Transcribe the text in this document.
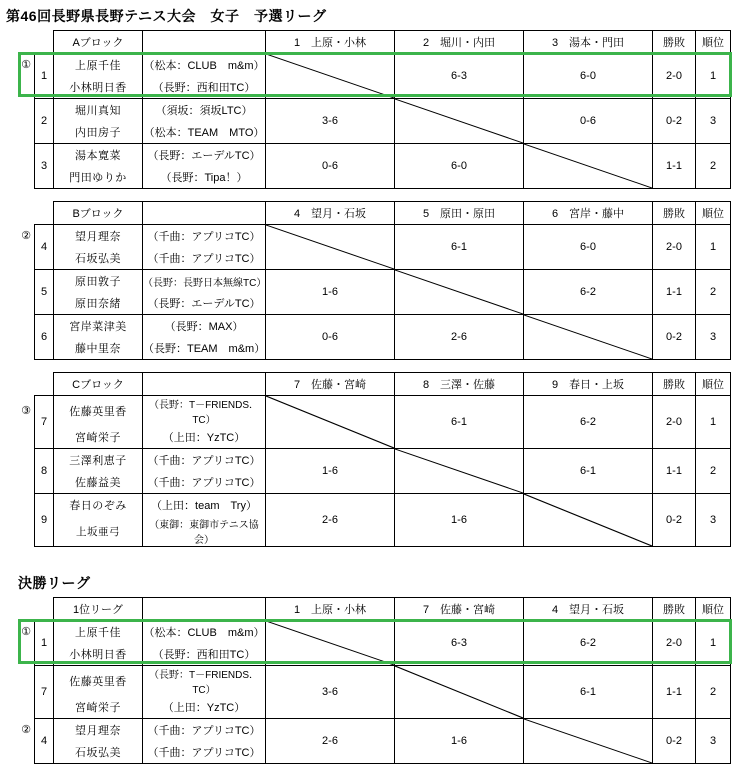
第46回長野県長野テニス大会　女子　予選リーグ
		Aブロック		1　上原・小林	2　堀川・内田	3　湯本・門田	勝敗	順位
①	1	上原千佳	（松本：CLUB　m&m）		6-3	6-0	2-0	1
		小林明日香	（長野：西和田TC）					
	2	堀川真知	（須坂：須坂LTC）	3-6		0-6	0-2	3
		内田房子	（松本：TEAM　MTO）					
	3	湯本寛菜	（長野：エーデルTC）	0-6	6-0		1-1	2
		門田ゆりか	（長野：Tipa！）					
		Bブロック		4　望月・石坂	5　原田・原田	6　宮岸・藤中	勝敗	順位
②	4	望月理奈	（千曲：アプリコTC）		6-1	6-0	2-0	1
		石坂弘美	（千曲：アプリコTC）					
	5	原田敦子	（長野：長野日本無線TC）	1-6		6-2	1-1	2
		原田奈緒	（長野：エーデルTC）					
	6	宮岸菜津美	（長野：MAX）	0-6	2-6		0-2	3
		藤中里奈	（長野：TEAM　m&m）					
		Cブロック		7　佐藤・宮崎	8　三澤・佐藤	9　春日・上坂	勝敗	順位
③	7	佐藤英里香	（長野：T－FRIENDS．TC）		6-1	6-2	2-0	1
		宮崎栄子	（上田：YzTC）					
	8	三澤利恵子	（千曲：アプリコTC）	1-6		6-1	1-1	2
		佐藤益美	（千曲：アプリコTC）					
	9	春日のぞみ	（上田：team　Try）	2-6	1-6		0-2	3
		上坂亜弓	（東御：東御市テニス協会）					
決勝リーグ
		1位リーグ		1　上原・小林	7　佐藤・宮崎	4　望月・石坂	勝敗	順位
①	1	上原千佳	（松本：CLUB　m&m）		6-3	6-2	2-0	1
		小林明日香	（長野：西和田TC）					
	7	佐藤英里香	（長野：T－FRIENDS．TC）	3-6		6-1	1-1	2
		宮崎栄子	（上田：YzTC）					
②	4	望月理奈	（千曲：アプリコTC）	2-6	1-6		0-2	3
		石坂弘美	（千曲：アプリコTC）					
